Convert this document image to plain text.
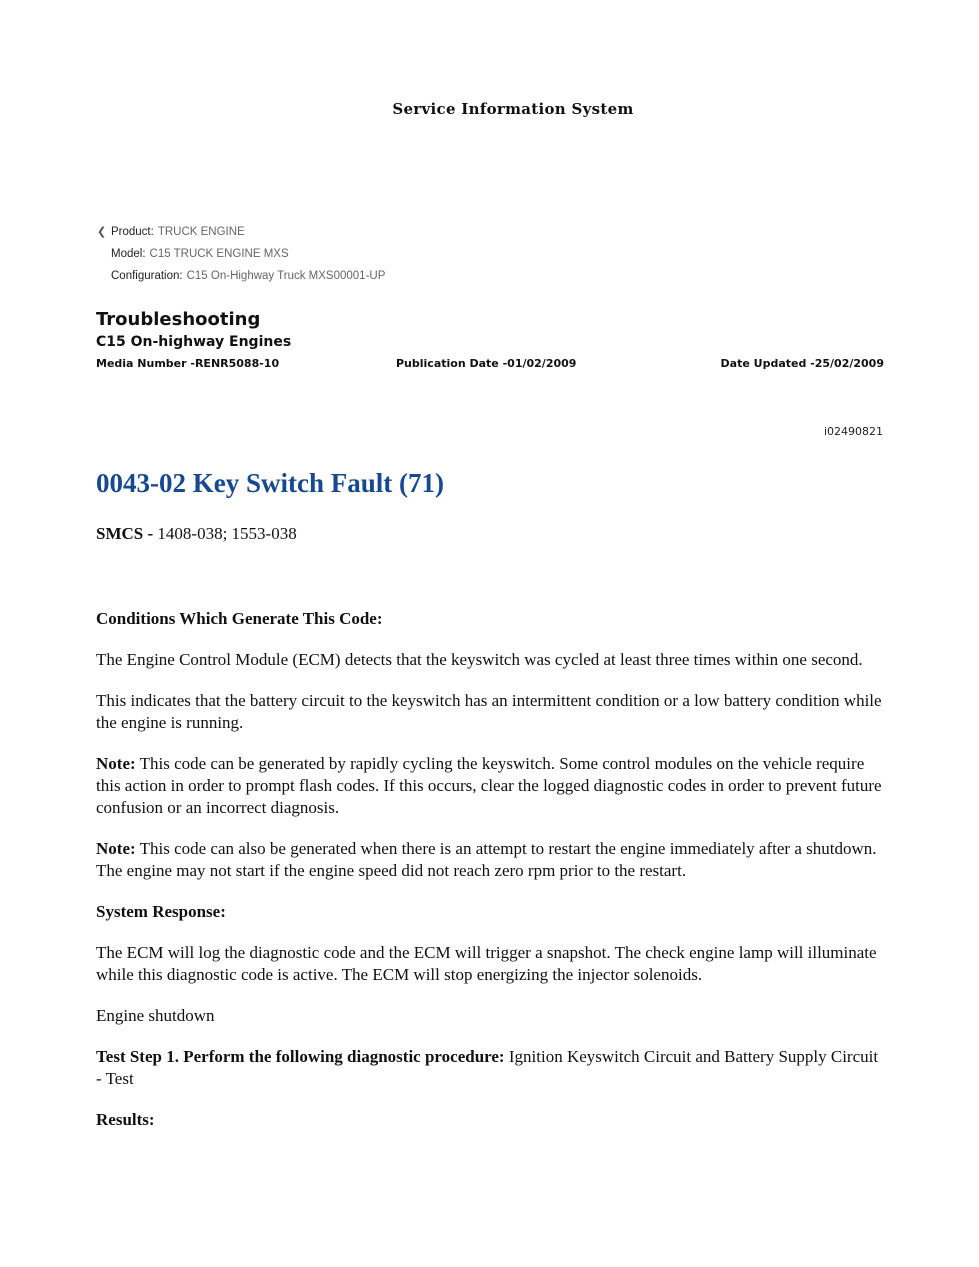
Service Information System
❮ Product: TRUCK ENGINE
Model: C15 TRUCK ENGINE MXS
Configuration: C15 On-Highway Truck MXS00001-UP
Troubleshooting
C15 On-highway Engines
Media Number -RENR5088-10	Publication Date -01/02/2009	Date Updated -25/02/2009
i02490821
0043-02 Key Switch Fault (71)
SMCS - 1408-038; 1553-038

Conditions Which Generate This Code:

The Engine Control Module (ECM) detects that the keyswitch was cycled at least three times within one second.

This indicates that the battery circuit to the keyswitch has an intermittent condition or a low battery condition while the engine is running.

Note: This code can be generated by rapidly cycling the keyswitch. Some control modules on the vehicle require this action in order to prompt flash codes. If this occurs, clear the logged diagnostic codes in order to prevent future confusion or an incorrect diagnosis.

Note: This code can also be generated when there is an attempt to restart the engine immediately after a shutdown. The engine may not start if the engine speed did not reach zero rpm prior to the restart.

System Response:

The ECM will log the diagnostic code and the ECM will trigger a snapshot. The check engine lamp will illuminate while this diagnostic code is active. The ECM will stop energizing the injector solenoids.

Engine shutdown

Test Step 1. Perform the following diagnostic procedure: Ignition Keyswitch Circuit and Battery Supply Circuit - Test

Results:
